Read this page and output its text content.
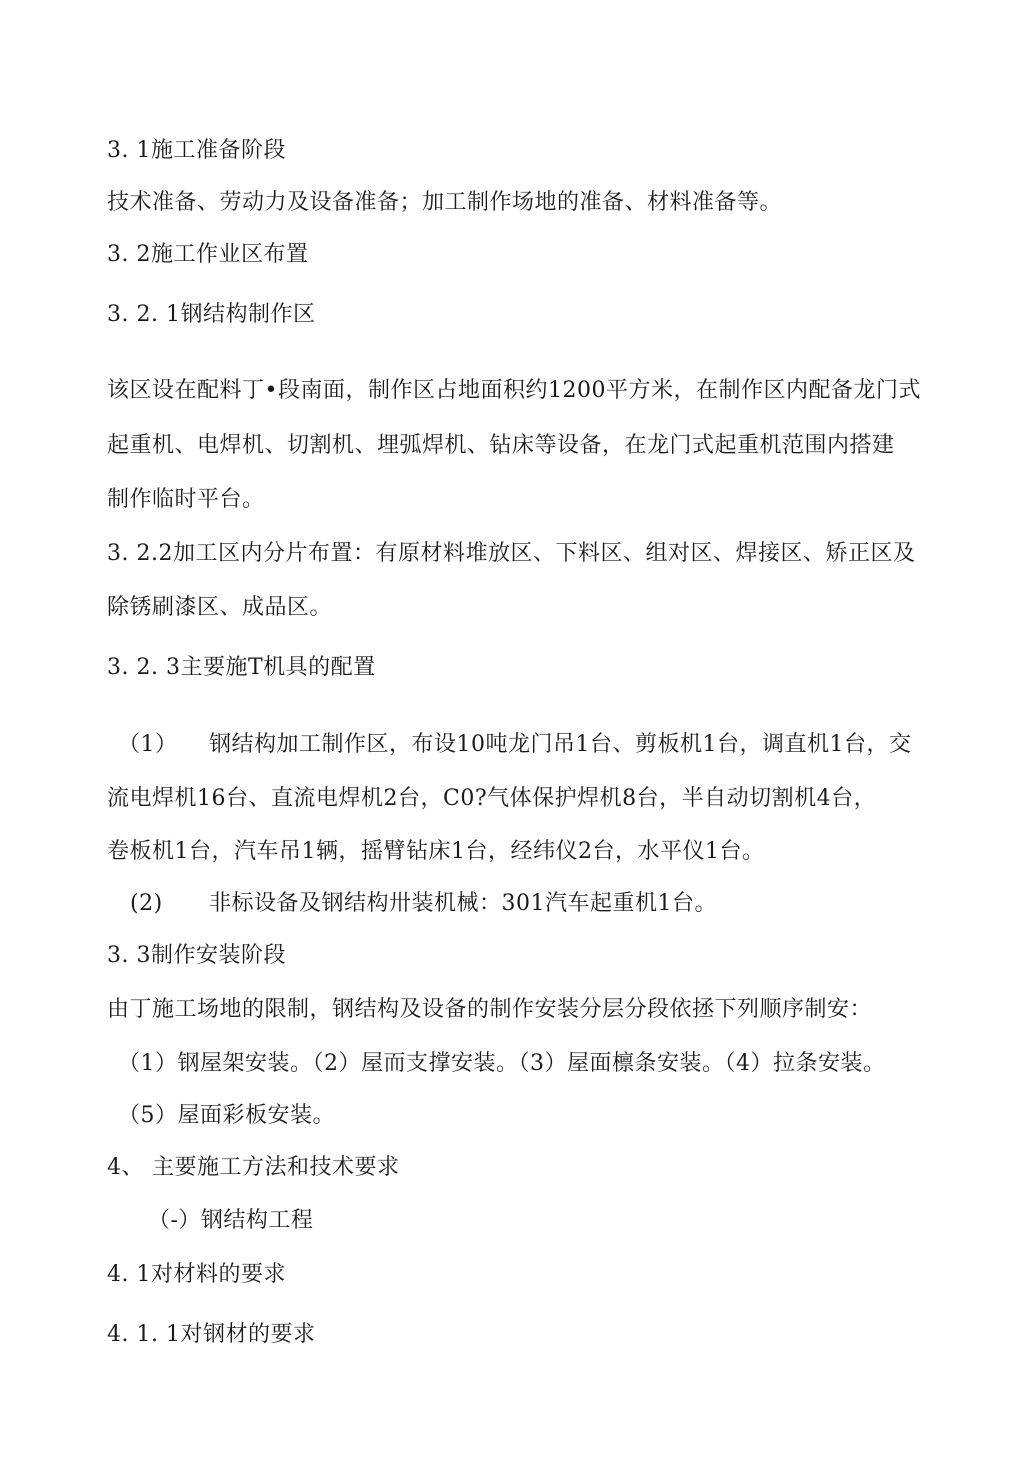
3. 1施工准备阶段
技术准备、劳动力及设备准备；加工制作场地的准备、材料准备等。
3. 2施工作业区布置
3. 2. 1钢结构制作区
该区设在配料丁•段南面，制作区占地面积约1200平方米，在制作区内配备龙门式
起重机、电焊机、切割机、埋弧焊机、钻床等设备，在龙门式起重机范围内搭建
制作临时平台。
3. 2.2加工区内分片布置：有原材料堆放区、下料区、组对区、焊接区、矫正区及
除锈刷漆区、成品区。
3. 2. 3主要施T机具的配置
（1） 钢结构加工制作区，布设10吨龙门吊1台、剪板机1台，调直机1台，交
流电焊机16台、直流电焊机2台，C0?气体保护焊机8台，半自动切割机4台，
卷板机1台，汽车吊1辆，摇臂钻床1台，经纬仪2台，水平仪1台。
(2) 非标设备及钢结构卅装机械：301汽车起重机1台。
3. 3制作安装阶段
由丁施工场地的限制，钢结构及设备的制作安装分层分段依拯下列顺序制安：
（1）钢屋架安装。（2）屋而支撑安装。（3）屋面檩条安装。（4）拉条安装。
（5）屋面彩板安装。
4、 主要施工方法和技术要求
（-）钢结构工程
4. 1对材料的要求
4. 1. 1对钢材的要求
